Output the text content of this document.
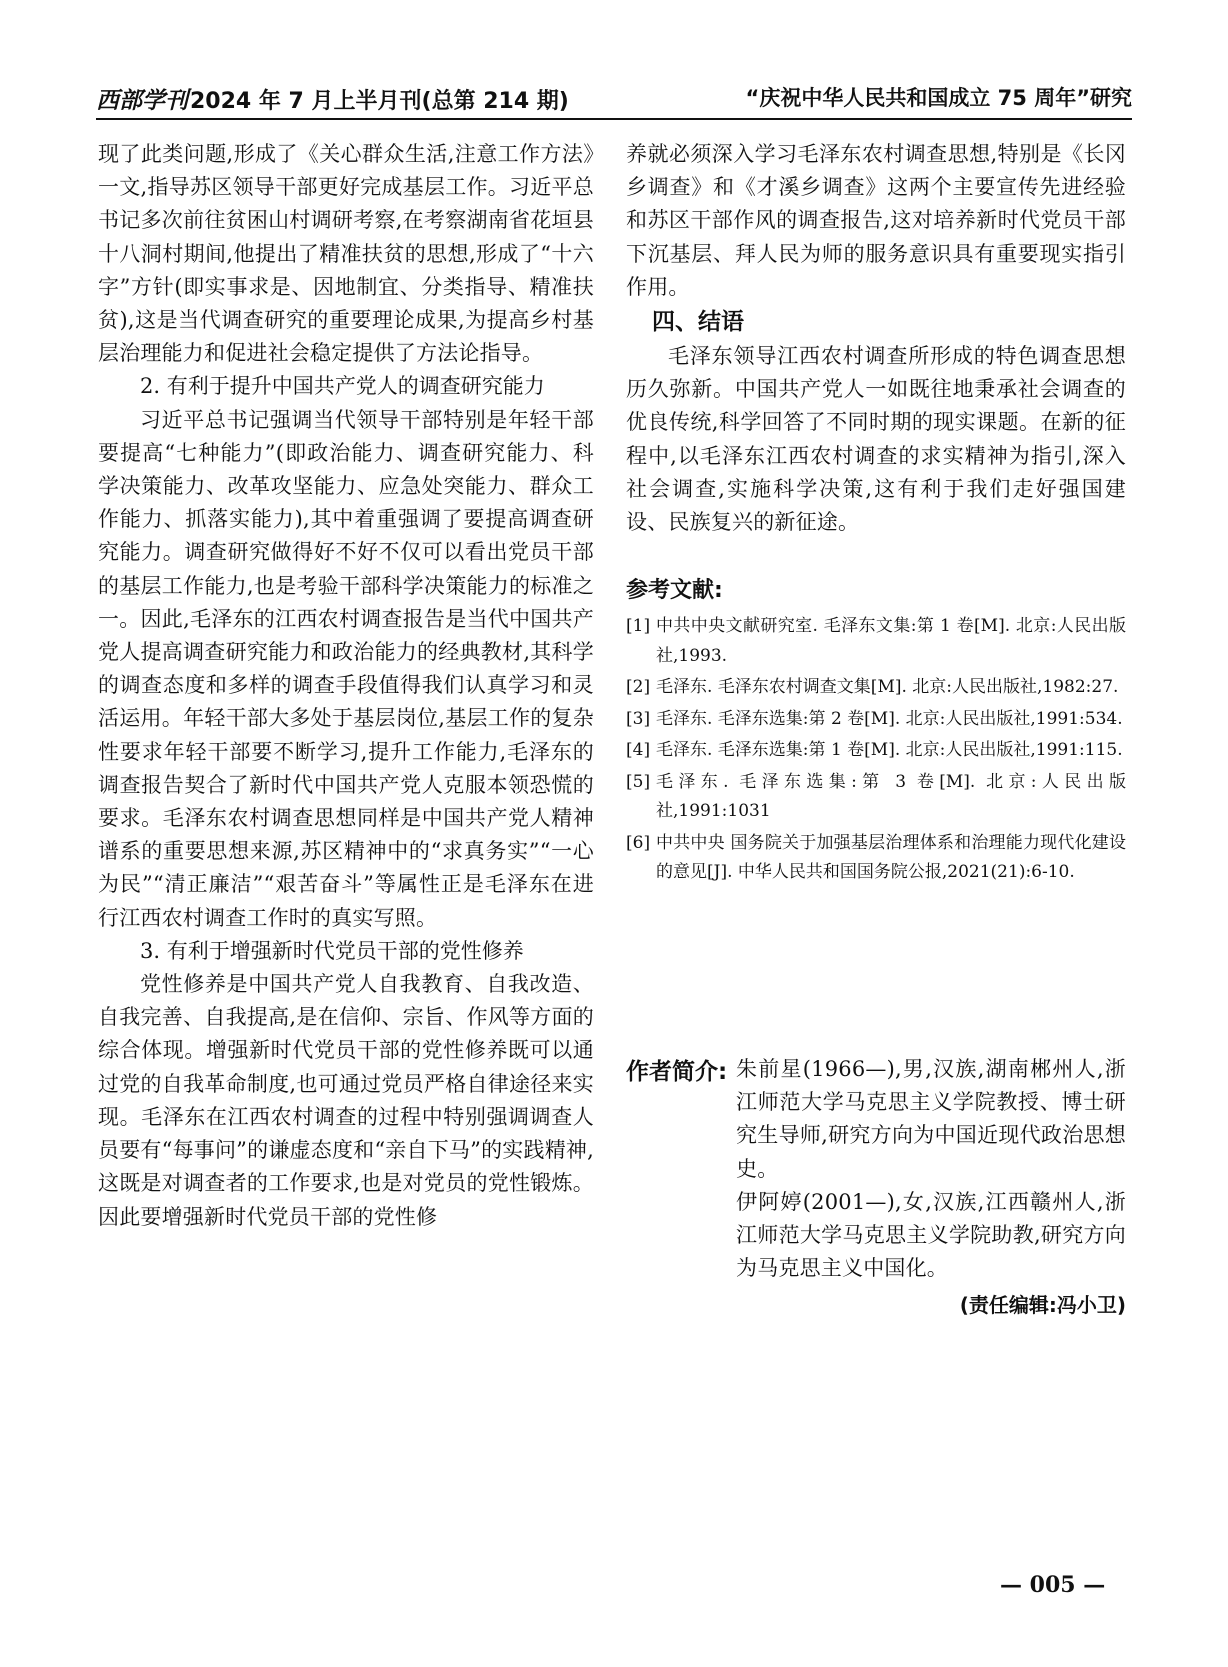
西部学刊2024 年 7 月上半月刊(总第 214 期)	“庆祝中华人民共和国成立 75 周年”研究

现了此类问题,形成了《关心群众生活,注意工作方法》一文,指导苏区领导干部更好完成基层工作。习近平总书记多次前往贫困山村调研考察,在考察湖南省花垣县十八洞村期间,他提出了精准扶贫的思想,形成了“十六字”方针(即实事求是、因地制宜、分类指导、精准扶贫),这是当代调查研究的重要理论成果,为提高乡村基层治理能力和促进社会稳定提供了方法论指导。

2. 有利于提升中国共产党人的调查研究能力

习近平总书记强调当代领导干部特别是年轻干部要提高“七种能力”(即政治能力、调查研究能力、科学决策能力、改革攻坚能力、应急处突能力、群众工作能力、抓落实能力),其中着重强调了要提高调查研究能力。调查研究做得好不好不仅可以看出党员干部的基层工作能力,也是考验干部科学决策能力的标准之一。因此,毛泽东的江西农村调查报告是当代中国共产党人提高调查研究能力和政治能力的经典教材,其科学的调查态度和多样的调查手段值得我们认真学习和灵活运用。年轻干部大多处于基层岗位,基层工作的复杂性要求年轻干部要不断学习,提升工作能力,毛泽东的调查报告契合了新时代中国共产党人克服本领恐慌的要求。毛泽东农村调查思想同样是中国共产党人精神谱系的重要思想来源,苏区精神中的“求真务实”“一心为民”“清正廉洁”“艰苦奋斗”等属性正是毛泽东在进行江西农村调查工作时的真实写照。

3. 有利于增强新时代党员干部的党性修养

党性修养是中国共产党人自我教育、自我改造、自我完善、自我提高,是在信仰、宗旨、作风等方面的综合体现。增强新时代党员干部的党性修养既可以通过党的自我革命制度,也可通过党员严格自律途径来实现。毛泽东在江西农村调查的过程中特别强调调查人员要有“每事问”的谦虚态度和“亲自下马”的实践精神,这既是对调查者的工作要求,也是对党员的党性锻炼。因此要增强新时代党员干部的党性修

养就必须深入学习毛泽东农村调查思想,特别是《长冈乡调查》和《才溪乡调查》这两个主要宣传先进经验和苏区干部作风的调查报告,这对培养新时代党员干部下沉基层、拜人民为师的服务意识具有重要现实指引作用。

四、结语

毛泽东领导江西农村调查所形成的特色调查思想历久弥新。中国共产党人一如既往地秉承社会调查的优良传统,科学回答了不同时期的现实课题。在新的征程中,以毛泽东江西农村调查的求实精神为指引,深入社会调查,实施科学决策,这有利于我们走好强国建设、民族复兴的新征途。

参考文献:
[1] 中共中央文献研究室. 毛泽东文集:第 1 卷[M]. 北京:人民出版社,1993.
[2] 毛泽东. 毛泽东农村调查文集[M]. 北京:人民出版社,1982:27.
[3] 毛泽东. 毛泽东选集:第 2 卷[M]. 北京:人民出版社,1991:534.
[4] 毛泽东. 毛泽东选集:第 1 卷[M]. 北京:人民出版社,1991:115.
[5] 毛泽东. 毛泽东选集:第 3 卷[M]. 北京:人民出版社,1991:1031
[6] 中共中央 国务院关于加强基层治理体系和治理能力现代化建设的意见[J]. 中华人民共和国国务院公报,2021(21):6-10.
作者简介: 朱前星(1966—),男,汉族,湖南郴州人,浙江师范大学马克思主义学院教授、博士研究生导师,研究方向为中国近现代政治思想史。

伊阿婷(2001—),女,汉族,江西赣州人,浙江师范大学马克思主义学院助教,研究方向为马克思主义中国化。

(责任编辑:冯小卫)
— 005 —
